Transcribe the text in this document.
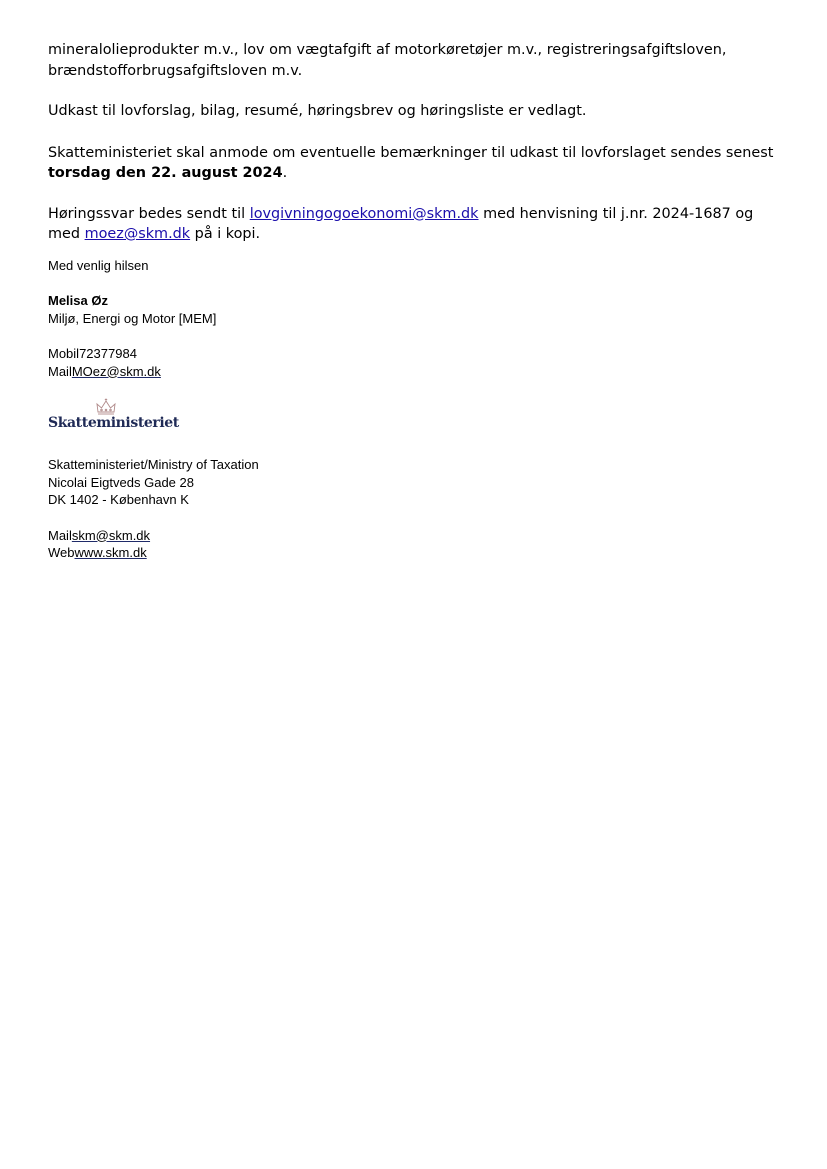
mineralolieprodukter m.v., lov om vægtafgift af motorkøretøjer m.v., registreringsafgiftsloven, brændstofforbrugsafgiftsloven m.v.

Udkast til lovforslag, bilag, resumé, høringsbrev og høringsliste er vedlagt.

Skatteministeriet skal anmode om eventuelle bemærkninger til udkast til lovforslaget sendes senest torsdag den 22. august 2024.

Høringssvar bedes sendt til lovgivningogoekonomi@skm.dk med henvisning til j.nr. 2024-1687 og med moez@skm.dk på i kopi.

Med venlig hilsen

Melisa Øz

Miljø, Energi og Motor [MEM]

Mobil72377984

MailMOez@skm.dk

Skatteministeriet

Skatteministeriet/Ministry of Taxation

Nicolai Eigtveds Gade 28

DK 1402 - København K

Mailskm@skm.dk

Webwww.skm.dk
